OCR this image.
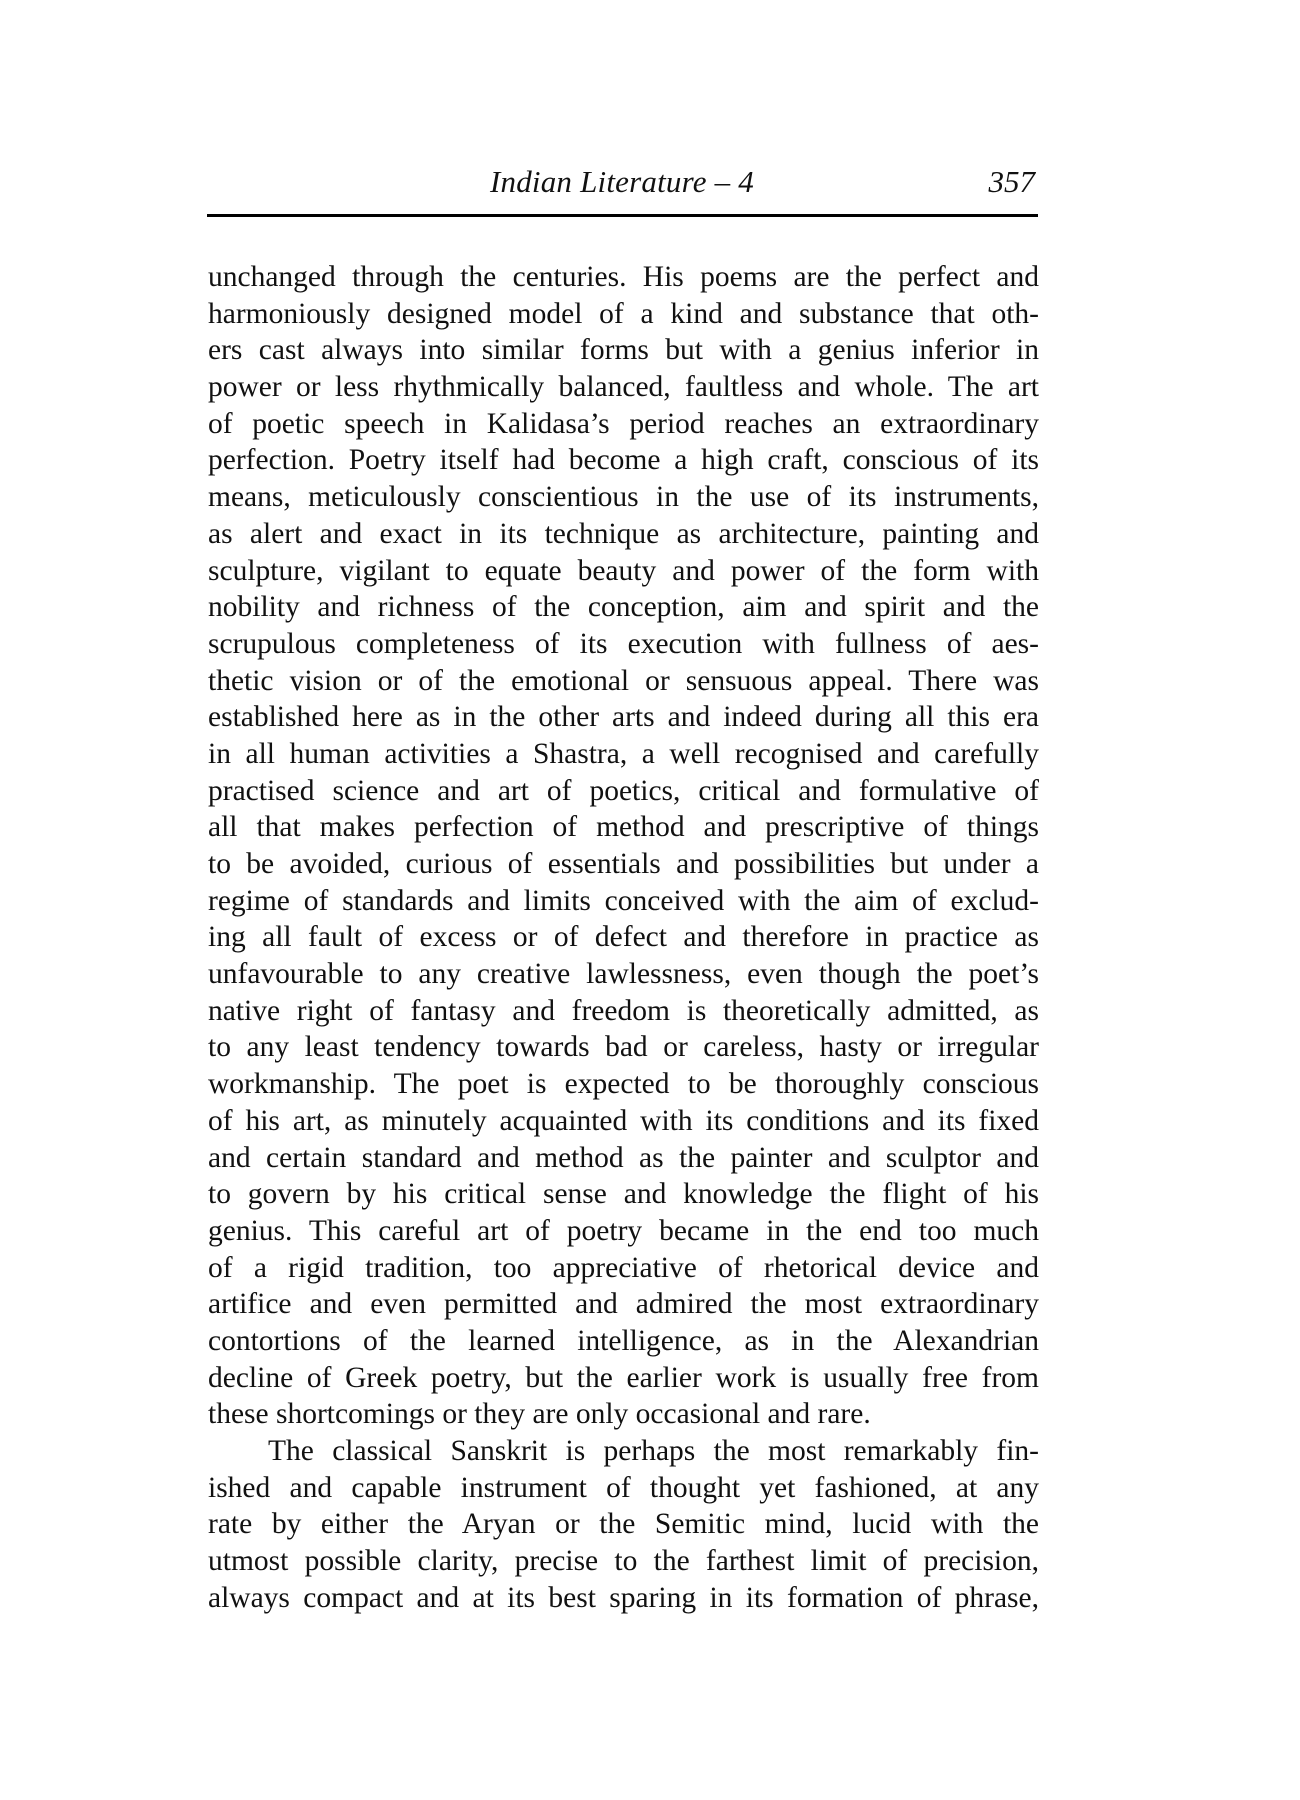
Indian Literature – 4	357
unchanged through the centuries. His poems are the perfect and
harmoniously designed model of a kind and substance that oth-
ers cast always into similar forms but with a genius inferior in
power or less rhythmically balanced, faultless and whole. The art
of poetic speech in Kalidasa’s period reaches an extraordinary
perfection. Poetry itself had become a high craft, conscious of its
means, meticulously conscientious in the use of its instruments,
as alert and exact in its technique as architecture, painting and
sculpture, vigilant to equate beauty and power of the form with
nobility and richness of the conception, aim and spirit and the
scrupulous completeness of its execution with fullness of aes-
thetic vision or of the emotional or sensuous appeal. There was
established here as in the other arts and indeed during all this era
in all human activities a Shastra, a well recognised and carefully
practised science and art of poetics, critical and formulative of
all that makes perfection of method and prescriptive of things
to be avoided, curious of essentials and possibilities but under a
regime of standards and limits conceived with the aim of exclud-
ing all fault of excess or of defect and therefore in practice as
unfavourable to any creative lawlessness, even though the poet’s
native right of fantasy and freedom is theoretically admitted, as
to any least tendency towards bad or careless, hasty or irregular
workmanship. The poet is expected to be thoroughly conscious
of his art, as minutely acquainted with its conditions and its fixed
and certain standard and method as the painter and sculptor and
to govern by his critical sense and knowledge the flight of his
genius. This careful art of poetry became in the end too much
of a rigid tradition, too appreciative of rhetorical device and
artifice and even permitted and admired the most extraordinary
contortions of the learned intelligence, as in the Alexandrian
decline of Greek poetry, but the earlier work is usually free from
these shortcomings or they are only occasional and rare.
The classical Sanskrit is perhaps the most remarkably fin-
ished and capable instrument of thought yet fashioned, at any
rate by either the Aryan or the Semitic mind, lucid with the
utmost possible clarity, precise to the farthest limit of precision,
always compact and at its best sparing in its formation of phrase,
